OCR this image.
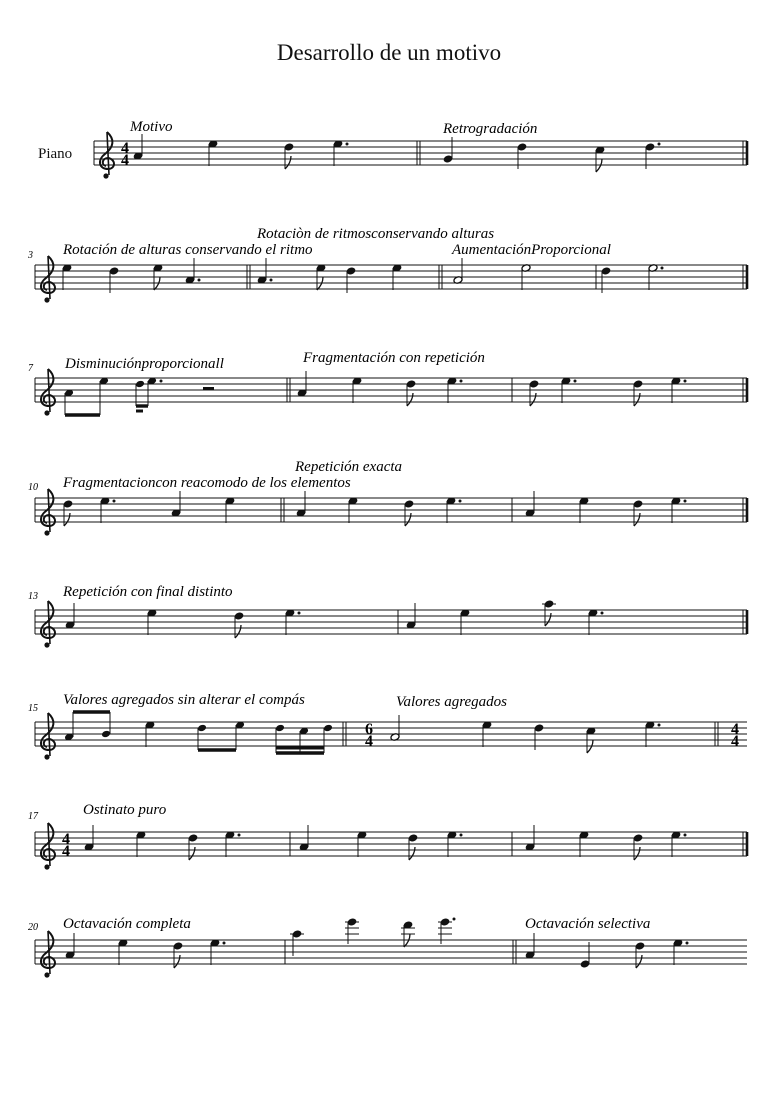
Desarrollo de un motivo
Piano	4
4
Motivo	Retrogradación
3
Rotaciòn de ritmosconservando alturas
Rotación de alturas conservando el ritmo	AumentaciónProporcional
7 Disminuciónproporcionall	Fragmentación con repetición
10
Repetición exacta
Fragmentacioncon reacomodo de los elementos
13 Repetición con final distinto
15
Valores agregados sin alterar el compás	Valores agregados
6
4
4
4
4
4
17	Ostinato puro
20 Octavación completa	Octavación selectiva
